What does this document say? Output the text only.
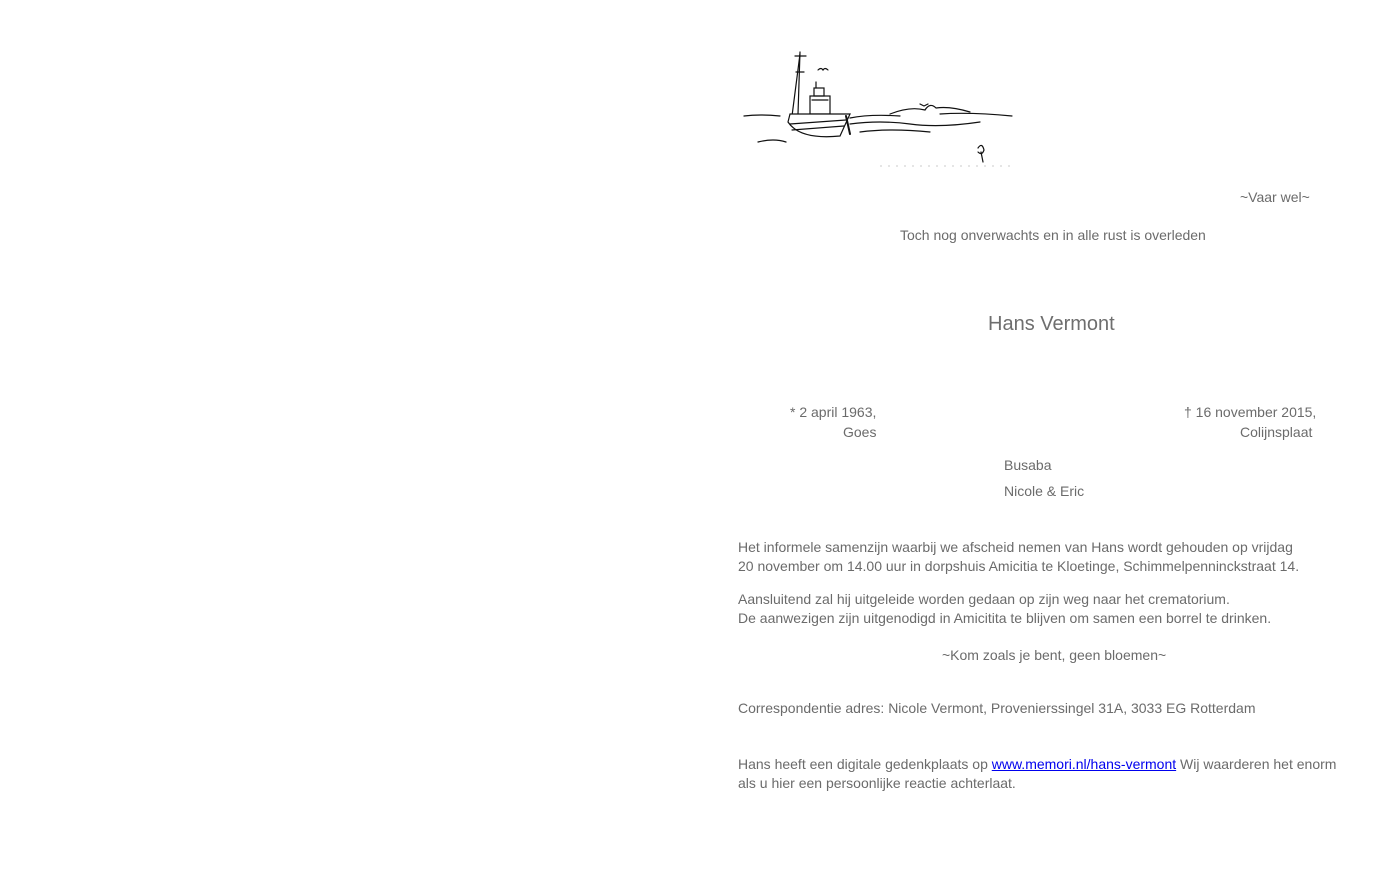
~Vaar wel~
Toch nog onverwachts en in alle rust is overleden
Hans Vermont
* 2 april 1963,
Goes
† 16 november 2015,
Colijnsplaat
Busaba
Nicole & Eric
Het informele samenzijn waarbij we afscheid nemen van Hans wordt gehouden op vrijdag
20 november om 14.00 uur in dorpshuis Amicitia te Kloetinge, Schimmelpenninckstraat 14.
Aansluitend zal hij uitgeleide worden gedaan op zijn weg naar het crematorium.
De aanwezigen zijn uitgenodigd in Amicitita te blijven om samen een borrel te drinken.
~Kom zoals je bent, geen bloemen~
Correspondentie adres: Nicole Vermont, Provenierssingel 31A, 3033 EG Rotterdam
Hans heeft een digitale gedenkplaats op www.memori.nl/hans-vermont Wij waarderen het enorm
als u hier een persoonlijke reactie achterlaat.
